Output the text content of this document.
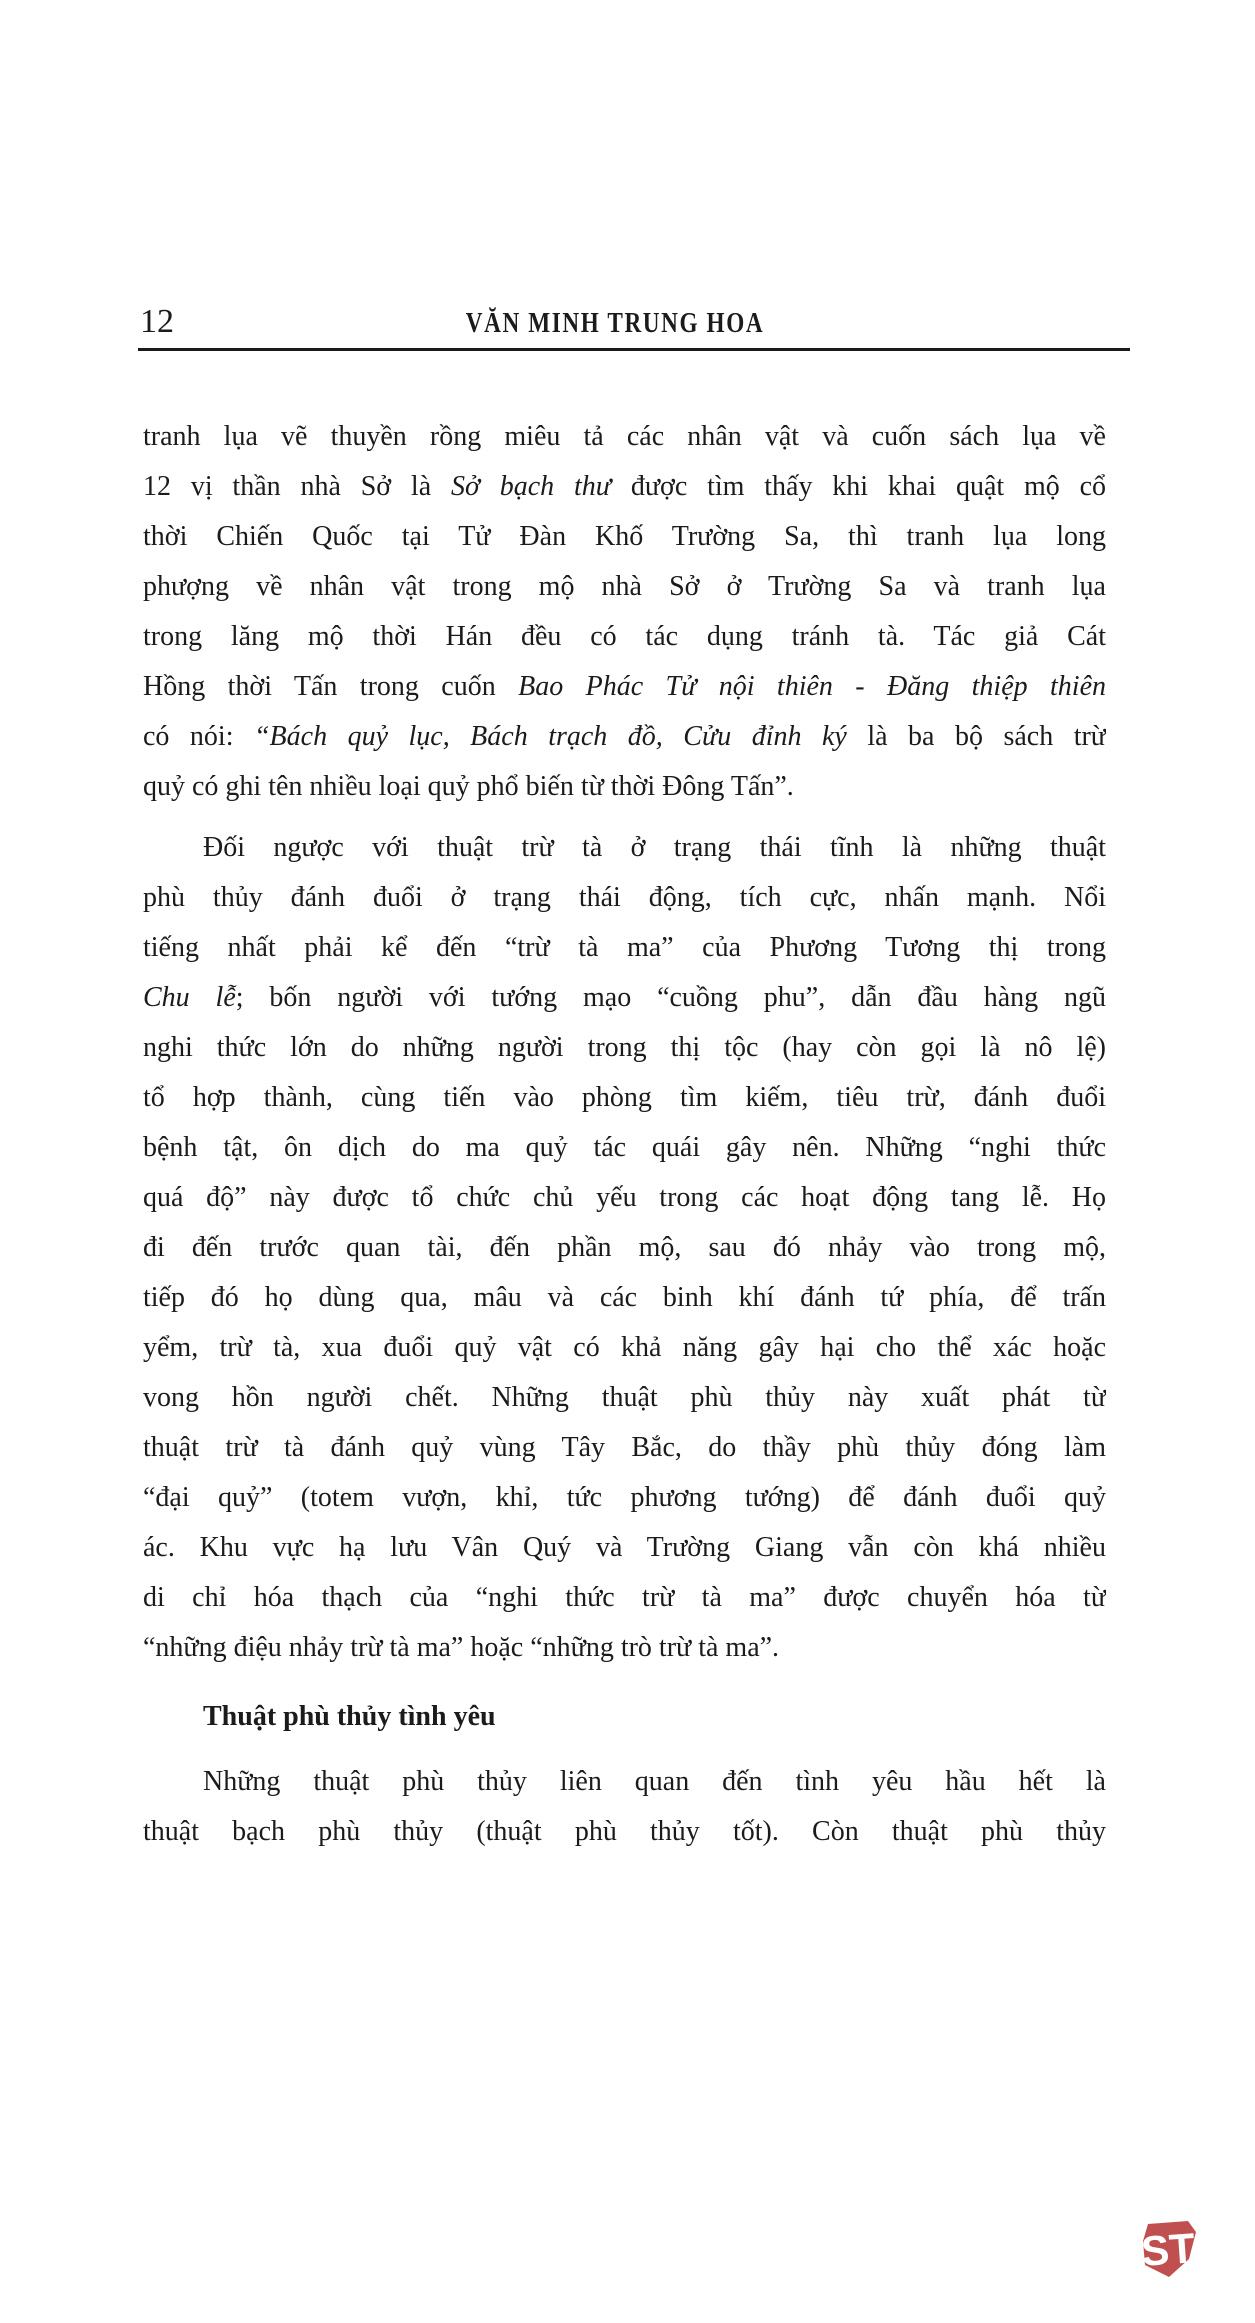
12	VĂN MINH TRUNG HOA
tranh lụa vẽ thuyền rồng miêu tả các nhân vật và cuốn sách lụa về
12 vị thần nhà Sở là Sở bạch thư được tìm thấy khi khai quật mộ cổ
thời Chiến Quốc tại Tử Đàn Khố Trường Sa, thì tranh lụa long
phượng về nhân vật trong mộ nhà Sở ở Trường Sa và tranh lụa
trong lăng mộ thời Hán đều có tác dụng tránh tà. Tác giả Cát
Hồng thời Tấn trong cuốn Bao Phác Tử nội thiên - Đăng thiệp thiên
có nói: “Bách quỷ lục, Bách trạch đồ, Cửu đỉnh ký là ba bộ sách trừ
quỷ có ghi tên nhiều loại quỷ phổ biến từ thời Đông Tấn”.
Đối ngược với thuật trừ tà ở trạng thái tĩnh là những thuật
phù thủy đánh đuổi ở trạng thái động, tích cực, nhấn mạnh. Nổi
tiếng nhất phải kể đến “trừ tà ma” của Phương Tương thị trong
Chu lễ; bốn người với tướng mạo “cuồng phu”, dẫn đầu hàng ngũ
nghi thức lớn do những người trong thị tộc (hay còn gọi là nô lệ)
tổ hợp thành, cùng tiến vào phòng tìm kiếm, tiêu trừ, đánh đuổi
bệnh tật, ôn dịch do ma quỷ tác quái gây nên. Những “nghi thức
quá độ” này được tổ chức chủ yếu trong các hoạt động tang lễ. Họ
đi đến trước quan tài, đến phần mộ, sau đó nhảy vào trong mộ,
tiếp đó họ dùng qua, mâu và các binh khí đánh tứ phía, để trấn
yểm, trừ tà, xua đuổi quỷ vật có khả năng gây hại cho thể xác hoặc
vong hồn người chết. Những thuật phù thủy này xuất phát từ
thuật trừ tà đánh quỷ vùng Tây Bắc, do thầy phù thủy đóng làm
“đại quỷ” (totem vượn, khỉ, tức phương tướng) để đánh đuổi quỷ
ác. Khu vực hạ lưu Vân Quý và Trường Giang vẫn còn khá nhiều
di chỉ hóa thạch của “nghi thức trừ tà ma” được chuyển hóa từ
“những điệu nhảy trừ tà ma” hoặc “những trò trừ tà ma”.
Thuật phù thủy tình yêu
Những thuật phù thủy liên quan đến tình yêu hầu hết là
thuật bạch phù thủy (thuật phù thủy tốt). Còn thuật phù thủy
ST
